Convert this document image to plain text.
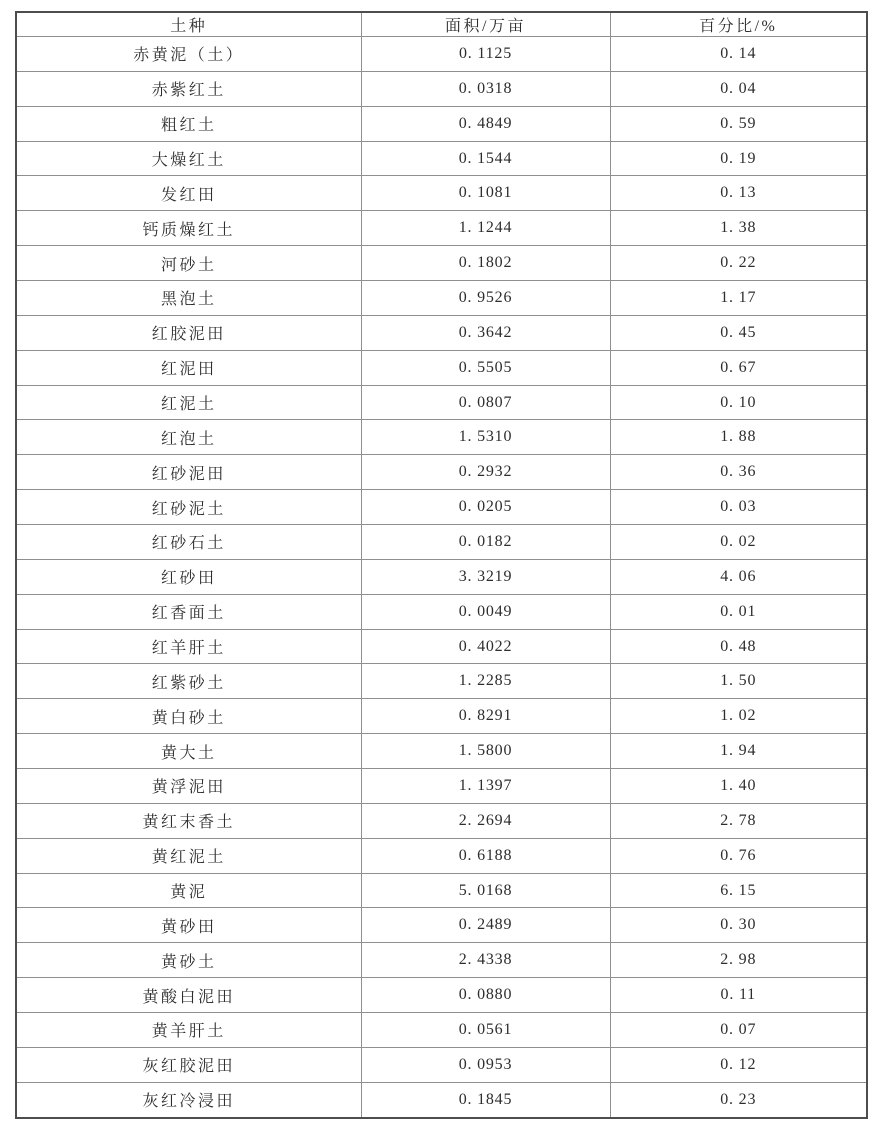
土种	面积/万亩	百分比/%
赤黄泥（土）	0. 1125	0. 14
赤紫红土	0. 0318	0. 04
粗红土	0. 4849	0. 59
大燥红土	0. 1544	0. 19
发红田	0. 1081	0. 13
钙质燥红土	1. 1244	1. 38
河砂土	0. 1802	0. 22
黑泡土	0. 9526	1. 17
红胶泥田	0. 3642	0. 45
红泥田	0. 5505	0. 67
红泥土	0. 0807	0. 10
红泡土	1. 5310	1. 88
红砂泥田	0. 2932	0. 36
红砂泥土	0. 0205	0. 03
红砂石土	0. 0182	0. 02
红砂田	3. 3219	4. 06
红香面土	0. 0049	0. 01
红羊肝土	0. 4022	0. 48
红紫砂土	1. 2285	1. 50
黄白砂土	0. 8291	1. 02
黄大土	1. 5800	1. 94
黄浮泥田	1. 1397	1. 40
黄红末香土	2. 2694	2. 78
黄红泥土	0. 6188	0. 76
黄泥	5. 0168	6. 15
黄砂田	0. 2489	0. 30
黄砂土	2. 4338	2. 98
黄酸白泥田	0. 0880	0. 11
黄羊肝土	0. 0561	0. 07
灰红胶泥田	0. 0953	0. 12
灰红冷浸田	0. 1845	0. 23
